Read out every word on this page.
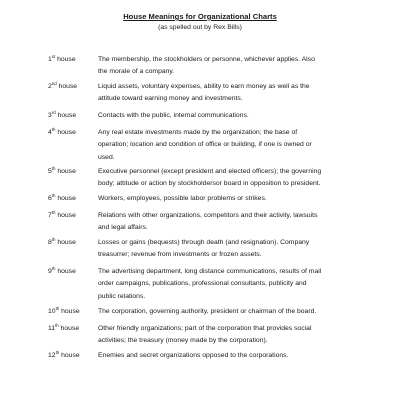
House Meanings for Organizational Charts
(as spelled out by Rex Bills)
1st house	The membership, the stockholders or personne, whichever applies. Also
the morale of a company.
2nd house	Liquid assets, voluntary expenses, ability to earn money as well as the
attitude toward earning money and investments.
3rd house	Contacts with the public, internal communications.
4th house	Any real estate investments made by the organization; the base of
operation; location and condition of office or building, if one is owned or
used.
5th house	Executive personnel (except president and elected officers); the governing
body; attitude or action by stockholdersor board in opposition to president.
6th house	Workers, employees, possible labor problems or strikes.
7th house	Relations with other organizations, competitors and their activity, lawsuits
and legal affairs.
8th house	Losses or gains (bequests) through death (and resignation). Company
treasurrer; revenue from investments or frozen assets.
9th house	The advertising department, long distance communications, results of mail
order campaigns, publications, professional consultants, publicity and
public relations.
10th house	The corporation, governing authority, president or chairman of the board.
11th house	Other friendly organizations; part of the corporation that provides social
activities; the treasury (money made by the corporation).
12th house	Enemies and secret organizations opposed to the corporations.
